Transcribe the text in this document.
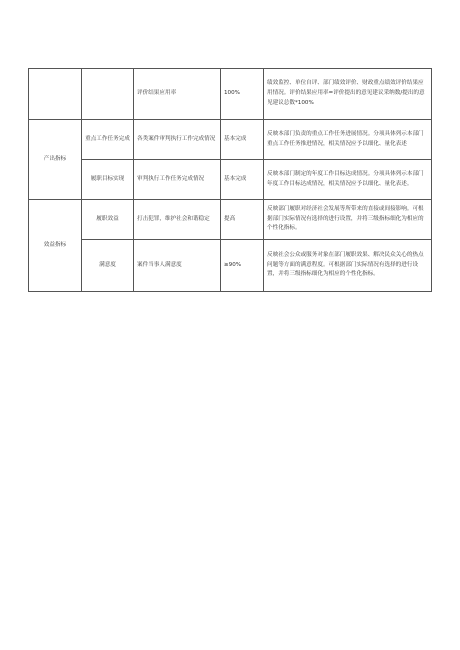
		评价结果应用率	100%	绩效监控、单位自评、部门绩效评价、财政重点绩效评价结果应用情况。评价结果应用率=评价提出的意见建议采纳数/提出的意见建议总数*100%
产出指标	重点工作任务完成	各类案件审判执行工作完成情况	基本完成	反映本部门负责的重点工作任务进展情况。分项具体列示本部门重点工作任务推进情况，相关情况应予以细化、量化表述
	履职目标实现	审判执行工作任务完成情况	基本完成	反映本部门制定的年度工作目标达成情况。分项具体列示本部门年度工作目标达成情况，相关情况应予以细化、量化表述。
效益指标	履职效益	打击犯罪，维护社会和谐稳定	提高	反映部门履职对经济社会发展等所带来的直接或间接影响。可根据部门实际情况有选择的进行设置，并将三级指标细化为相应的个性化指标。
	满意度	案件当事人满意度	≥90%	反映社会公众或服务对象在部门履职效果、解决民众关心的热点问题等方面的满意程度。可根据部门实际情况有选择的进行设置，并将三级指标细化为相应的个性化指标。
